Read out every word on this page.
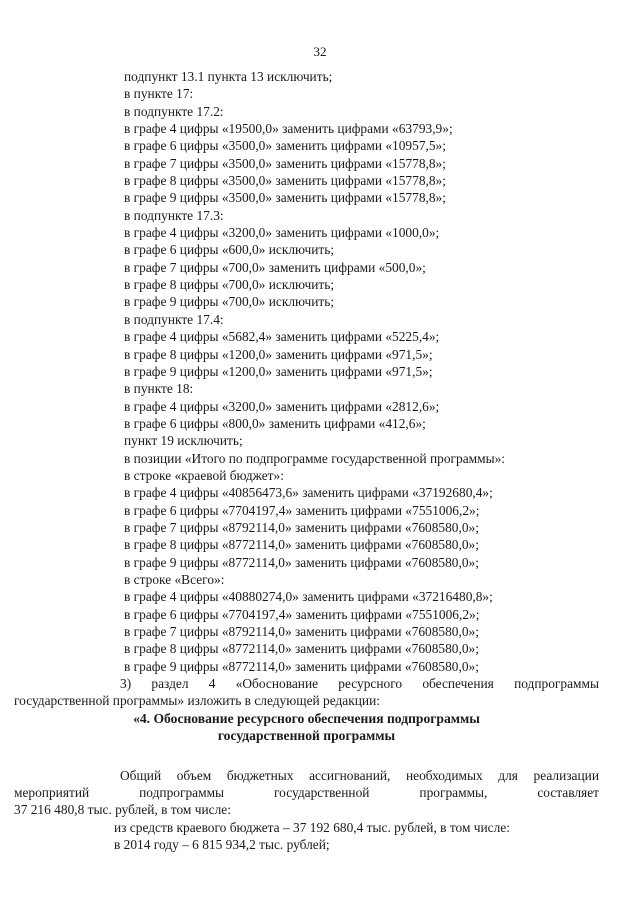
32
подпункт 13.1 пункта 13 исключить;
в пункте 17:
в подпункте 17.2:
в графе 4 цифры «19500,0» заменить цифрами «63793,9»;
в графе 6 цифры «3500,0» заменить цифрами «10957,5»;
в графе 7 цифры «3500,0» заменить цифрами «15778,8»;
в графе 8 цифры «3500,0» заменить цифрами «15778,8»;
в графе 9 цифры «3500,0» заменить цифрами «15778,8»;
в подпункте 17.3:
в графе 4 цифры «3200,0» заменить цифрами «1000,0»;
в графе 6 цифры «600,0» исключить;
в графе 7 цифры «700,0» заменить цифрами «500,0»;
в графе 8 цифры «700,0» исключить;
в графе 9 цифры «700,0» исключить;
в подпункте 17.4:
в графе 4 цифры «5682,4» заменить цифрами «5225,4»;
в графе 8 цифры «1200,0» заменить цифрами «971,5»;
в графе 9 цифры «1200,0» заменить цифрами «971,5»;
в пункте 18:
в графе 4 цифры «3200,0» заменить цифрами «2812,6»;
в графе 6 цифры «800,0» заменить цифрами «412,6»;
пункт 19 исключить;
в позиции «Итого по подпрограмме государственной программы»:
в строке «краевой бюджет»:
в графе 4 цифры «40856473,6» заменить цифрами «37192680,4»;
в графе 6 цифры «7704197,4» заменить цифрами «7551006,2»;
в графе 7 цифры «8792114,0» заменить цифрами «7608580,0»;
в графе 8 цифры «8772114,0» заменить цифрами «7608580,0»;
в графе 9 цифры «8772114,0» заменить цифрами «7608580,0»;
в строке «Всего»:
в графе 4 цифры «40880274,0» заменить цифрами «37216480,8»;
в графе 6 цифры «7704197,4» заменить цифрами «7551006,2»;
в графе 7 цифры «8792114,0» заменить цифрами «7608580,0»;
в графе 8 цифры «8772114,0» заменить цифрами «7608580,0»;
в графе 9 цифры «8772114,0» заменить цифрами «7608580,0»;
3) раздел 4 «Обоснование ресурсного обеспечения подпрограммы
государственной программы» изложить в следующей редакции:
«4. Обоснование ресурсного обеспечения подпрограммы
государственной программы
Общий объем бюджетных ассигнований, необходимых для реализации
мероприятий подпрограммы государственной программы, составляет
37 216 480,8 тыс. рублей, в том числе:
из средств краевого бюджета – 37 192 680,4 тыс. рублей, в том числе:
в 2014 году – 6 815 934,2 тыс. рублей;
